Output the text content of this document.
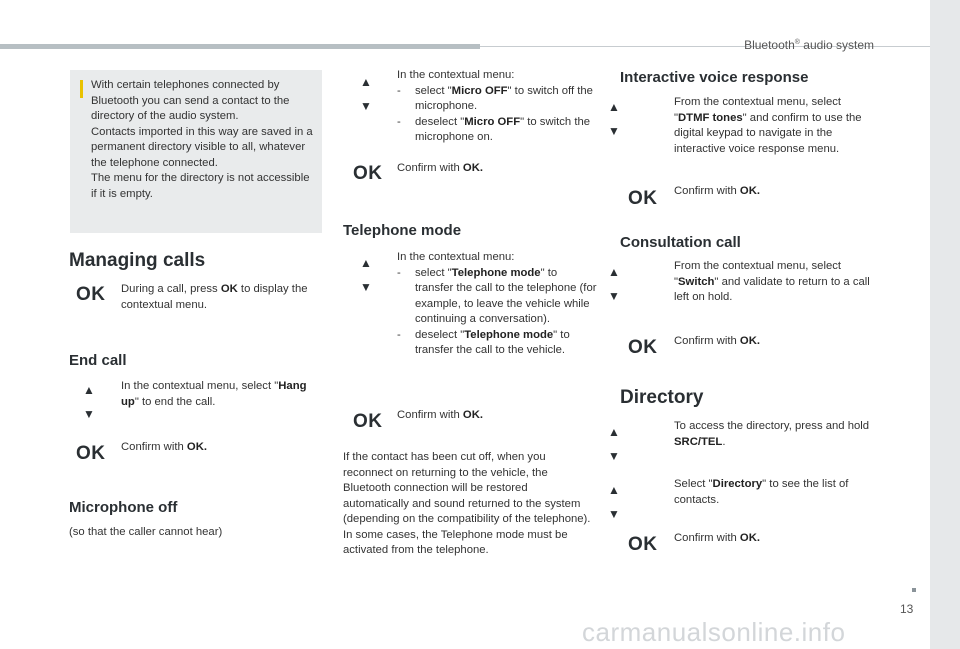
Bluetooth® audio system
13
carmanualsonline.info
With certain telephones connected by Bluetooth you can send a contact to the directory of the audio system.
Contacts imported in this way are saved in a permanent directory visible to all, whatever the telephone connected.
The menu for the directory is not accessible if it is empty.
Managing calls
OK During a call, press OK to display the contextual menu.
End call
▲
▼
In the contextual menu, select "Hang up" to end the call.
OK Confirm with OK.
Microphone off
(so that the caller cannot hear)
▲
▼
In the contextual menu:
- select "Micro OFF" to switch off the microphone.
- deselect "Micro OFF" to switch the microphone on.
OK Confirm with OK.
Telephone mode
▲
▼
In the contextual menu:
- select "Telephone mode" to transfer the call to the telephone (for example, to leave the vehicle while continuing a conversation).
- deselect "Telephone mode" to transfer the call to the vehicle.
OK Confirm with OK.
If the contact has been cut off, when you reconnect on returning to the vehicle, the Bluetooth connection will be restored automatically and sound returned to the system (depending on the compatibility of the telephone).
In some cases, the Telephone mode must be activated from the telephone.
Interactive voice response
▲
▼
From the contextual menu, select "DTMF tones" and confirm to use the digital keypad to navigate in the interactive voice response menu.
OK Confirm with OK.
Consultation call
▲
▼
From the contextual menu, select "Switch" and validate to return to a call left on hold.
OK Confirm with OK.
Directory
▲
▼
To access the directory, press and hold SRC/TEL.
▲
▼
Select "Directory" to see the list of contacts.
OK Confirm with OK.
